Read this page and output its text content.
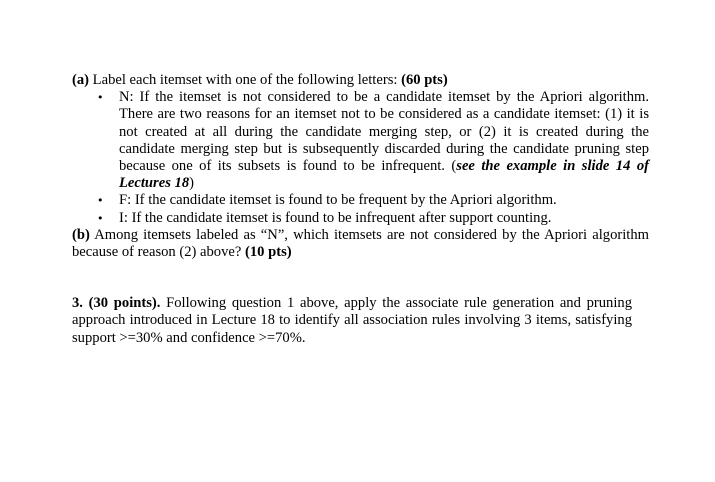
(a) Label each itemset with one of the following letters: (60 pts)

• N: If the itemset is not considered to be a candidate itemset by the Apriori algorithm. There are two reasons for an itemset not to be considered as a candidate itemset: (1) it is not created at all during the candidate merging step, or (2) it is created during the candidate merging step but is subsequently discarded during the candidate pruning step because one of its subsets is found to be infrequent. (see the example in slide 14 of Lectures 18)
• F: If the candidate itemset is found to be frequent by the Apriori algorithm.
• I: If the candidate itemset is found to be infrequent after support counting.

(b) Among itemsets labeled as “N”, which itemsets are not considered by the Apriori algorithm because of reason (2) above? (10 pts)

3. (30 points). Following question 1 above, apply the associate rule generation and pruning approach introduced in Lecture 18 to identify all association rules involving 3 items, satisfying support >=30% and confidence >=70%.
